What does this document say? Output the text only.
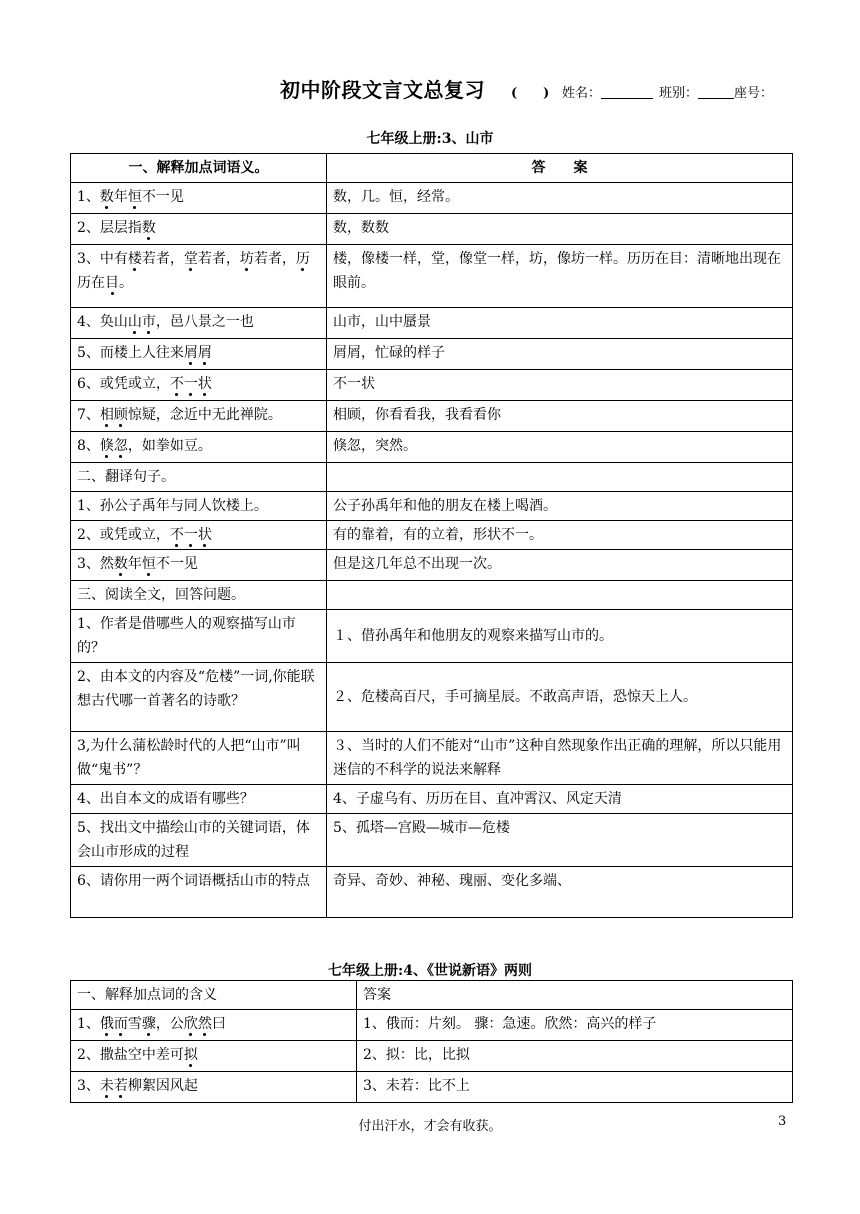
初中阶段文言文总复习 (　　) 姓名：	班别：	座号：
七年级上册:3、山市
一、解释加点词语义。	答　　案
1、数年恒不一见	数，几。恒，经常。
2、层层指数	数，数数
3、中有楼若者，堂若者，坊若者，历历在目。	楼，像楼一样，堂，像堂一样，坊，像坊一样。历历在目：清晰地出现在眼前。
4、奂山山市，邑八景之一也	山市，山中蜃景
5、而楼上人往来屑屑	屑屑，忙碌的样子
6、或凭或立，不一状	不一状
7、相顾惊疑，念近中无此禅院。	相顾，你看看我，我看看你
8、倏忽，如拳如豆。	倏忽，突然。
二、翻译句子。	
1、孙公子禹年与同人饮楼上。	公子孙禹年和他的朋友在楼上喝酒。
2、或凭或立，不一状	有的靠着，有的立着，形状不一。
3、然数年恒不一见	但是这几年总不出现一次。
三、阅读全文，回答问题。	
1、作者是借哪些人的观察描写山市的？	１、借孙禹年和他朋友的观察来描写山市的。
2、由本文的内容及“危楼”一词,你能联想古代哪一首著名的诗歌？	２、危楼高百尺，手可摘星辰。不敢高声语，恐惊天上人。
3,为什么蒲松龄时代的人把“山市”叫做“鬼书”？	３、当时的人们不能对“山市”这种自然现象作出正确的理解，所以只能用迷信的不科学的说法来解释
4、出自本文的成语有哪些？	4、子虚乌有、历历在目、直冲霄汉、风定天清
5、找出文中描绘山市的关键词语，体会山市形成的过程	5、孤塔—宫殿—城市—危楼
6、请你用一两个词语概括山市的特点	奇异、奇妙、神秘、瑰丽、变化多端、
七年级上册:4、《世说新语》两则
一、解释加点词的含义	答案
1、俄而雪骤，公欣然曰	1、俄而：片刻。 骤：急速。欣然：高兴的样子
2、撒盐空中差可拟	2、拟：比，比拟
3、未若柳絮因风起	3、未若：比不上
付出汗水，才会有收获。	3
